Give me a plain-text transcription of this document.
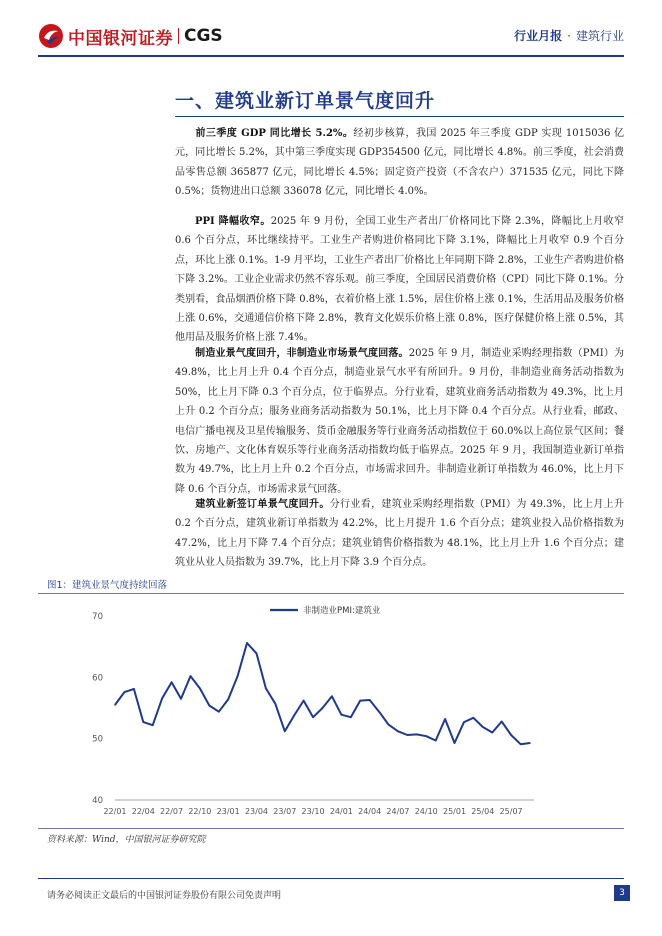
中国银河证券 CGS	行业月报 · 建筑行业
一、建筑业新订单景气度回升

前三季度 GDP 同比增长 5.2%。经初步核算，我国 2025 年三季度 GDP 实现 1015036 亿元，同比增长 5.2%，其中第三季度实现 GDP354500 亿元，同比增长 4.8%。前三季度，社会消费品零售总额 365877 亿元，同比增长 4.5%；固定资产投资（不含农户）371535 亿元，同比下降 0.5%；货物进出口总额 336078 亿元，同比增长 4.0%。

PPI 降幅收窄。2025 年 9 月份，全国工业生产者出厂价格同比下降 2.3%，降幅比上月收窄 0.6 个百分点，环比继续持平。工业生产者购进价格同比下降 3.1%，降幅比上月收窄 0.9 个百分点，环比上涨 0.1%。1-9 月平均，工业生产者出厂价格比上年同期下降 2.8%，工业生产者购进价格下降 3.2%。工业企业需求仍然不容乐观。前三季度，全国居民消费价格（CPI）同比下降 0.1%。分类别看，食品烟酒价格下降 0.8%，衣着价格上涨 1.5%，居住价格上涨 0.1%，生活用品及服务价格上涨 0.6%，交通通信价格下降 2.8%，教育文化娱乐价格上涨 0.8%，医疗保健价格上涨 0.5%，其他用品及服务价格上涨 7.4%。

制造业景气度回升，非制造业市场景气度回落。2025 年 9 月，制造业采购经理指数（PMI）为 49.8%，比上月上升 0.4 个百分点，制造业景气水平有所回升。9 月份，非制造业商务活动指数为 50%，比上月下降 0.3 个百分点，位于临界点。分行业看，建筑业商务活动指数为 49.3%，比上月上升 0.2 个百分点；服务业商务活动指数为 50.1%，比上月下降 0.4 个百分点。从行业看，邮政、电信广播电视及卫星传输服务、货币金融服务等行业商务活动指数位于 60.0%以上高位景气区间；餐饮、房地产、文化体育娱乐等行业商务活动指数均低于临界点。2025 年 9 月，我国制造业新订单指数为 49.7%，比上月上升 0.2 个百分点，市场需求回升。非制造业新订单指数为 46.0%，比上月下降 0.6 个百分点，市场需求景气回落。

建筑业新签订单景气度回升。分行业看，建筑业采购经理指数（PMI）为 49.3%，比上月上升 0.2 个百分点，建筑业新订单指数为 42.2%，比上月提升 1.6 个百分点；建筑业投入品价格指数为 47.2%，比上月下降 7.4 个百分点；建筑业销售价格指数为 48.1%，比上月上升 1.6 个百分点；建筑业从业人员指数为 39.7%，比上月下降 3.9 个百分点。

图1：建筑业景气度持续回落
40
50
60
70
22/01 22/04 22/07 22/10 23/01 23/04 23/07 23/10 24/01 24/04 24/07 24/10 25/01 25/04 25/07
非制造业PMI:建筑业
资料来源：Wind，中国银河证券研究院
请务必阅读正文最后的中国银河证券股份有限公司免责声明	3
